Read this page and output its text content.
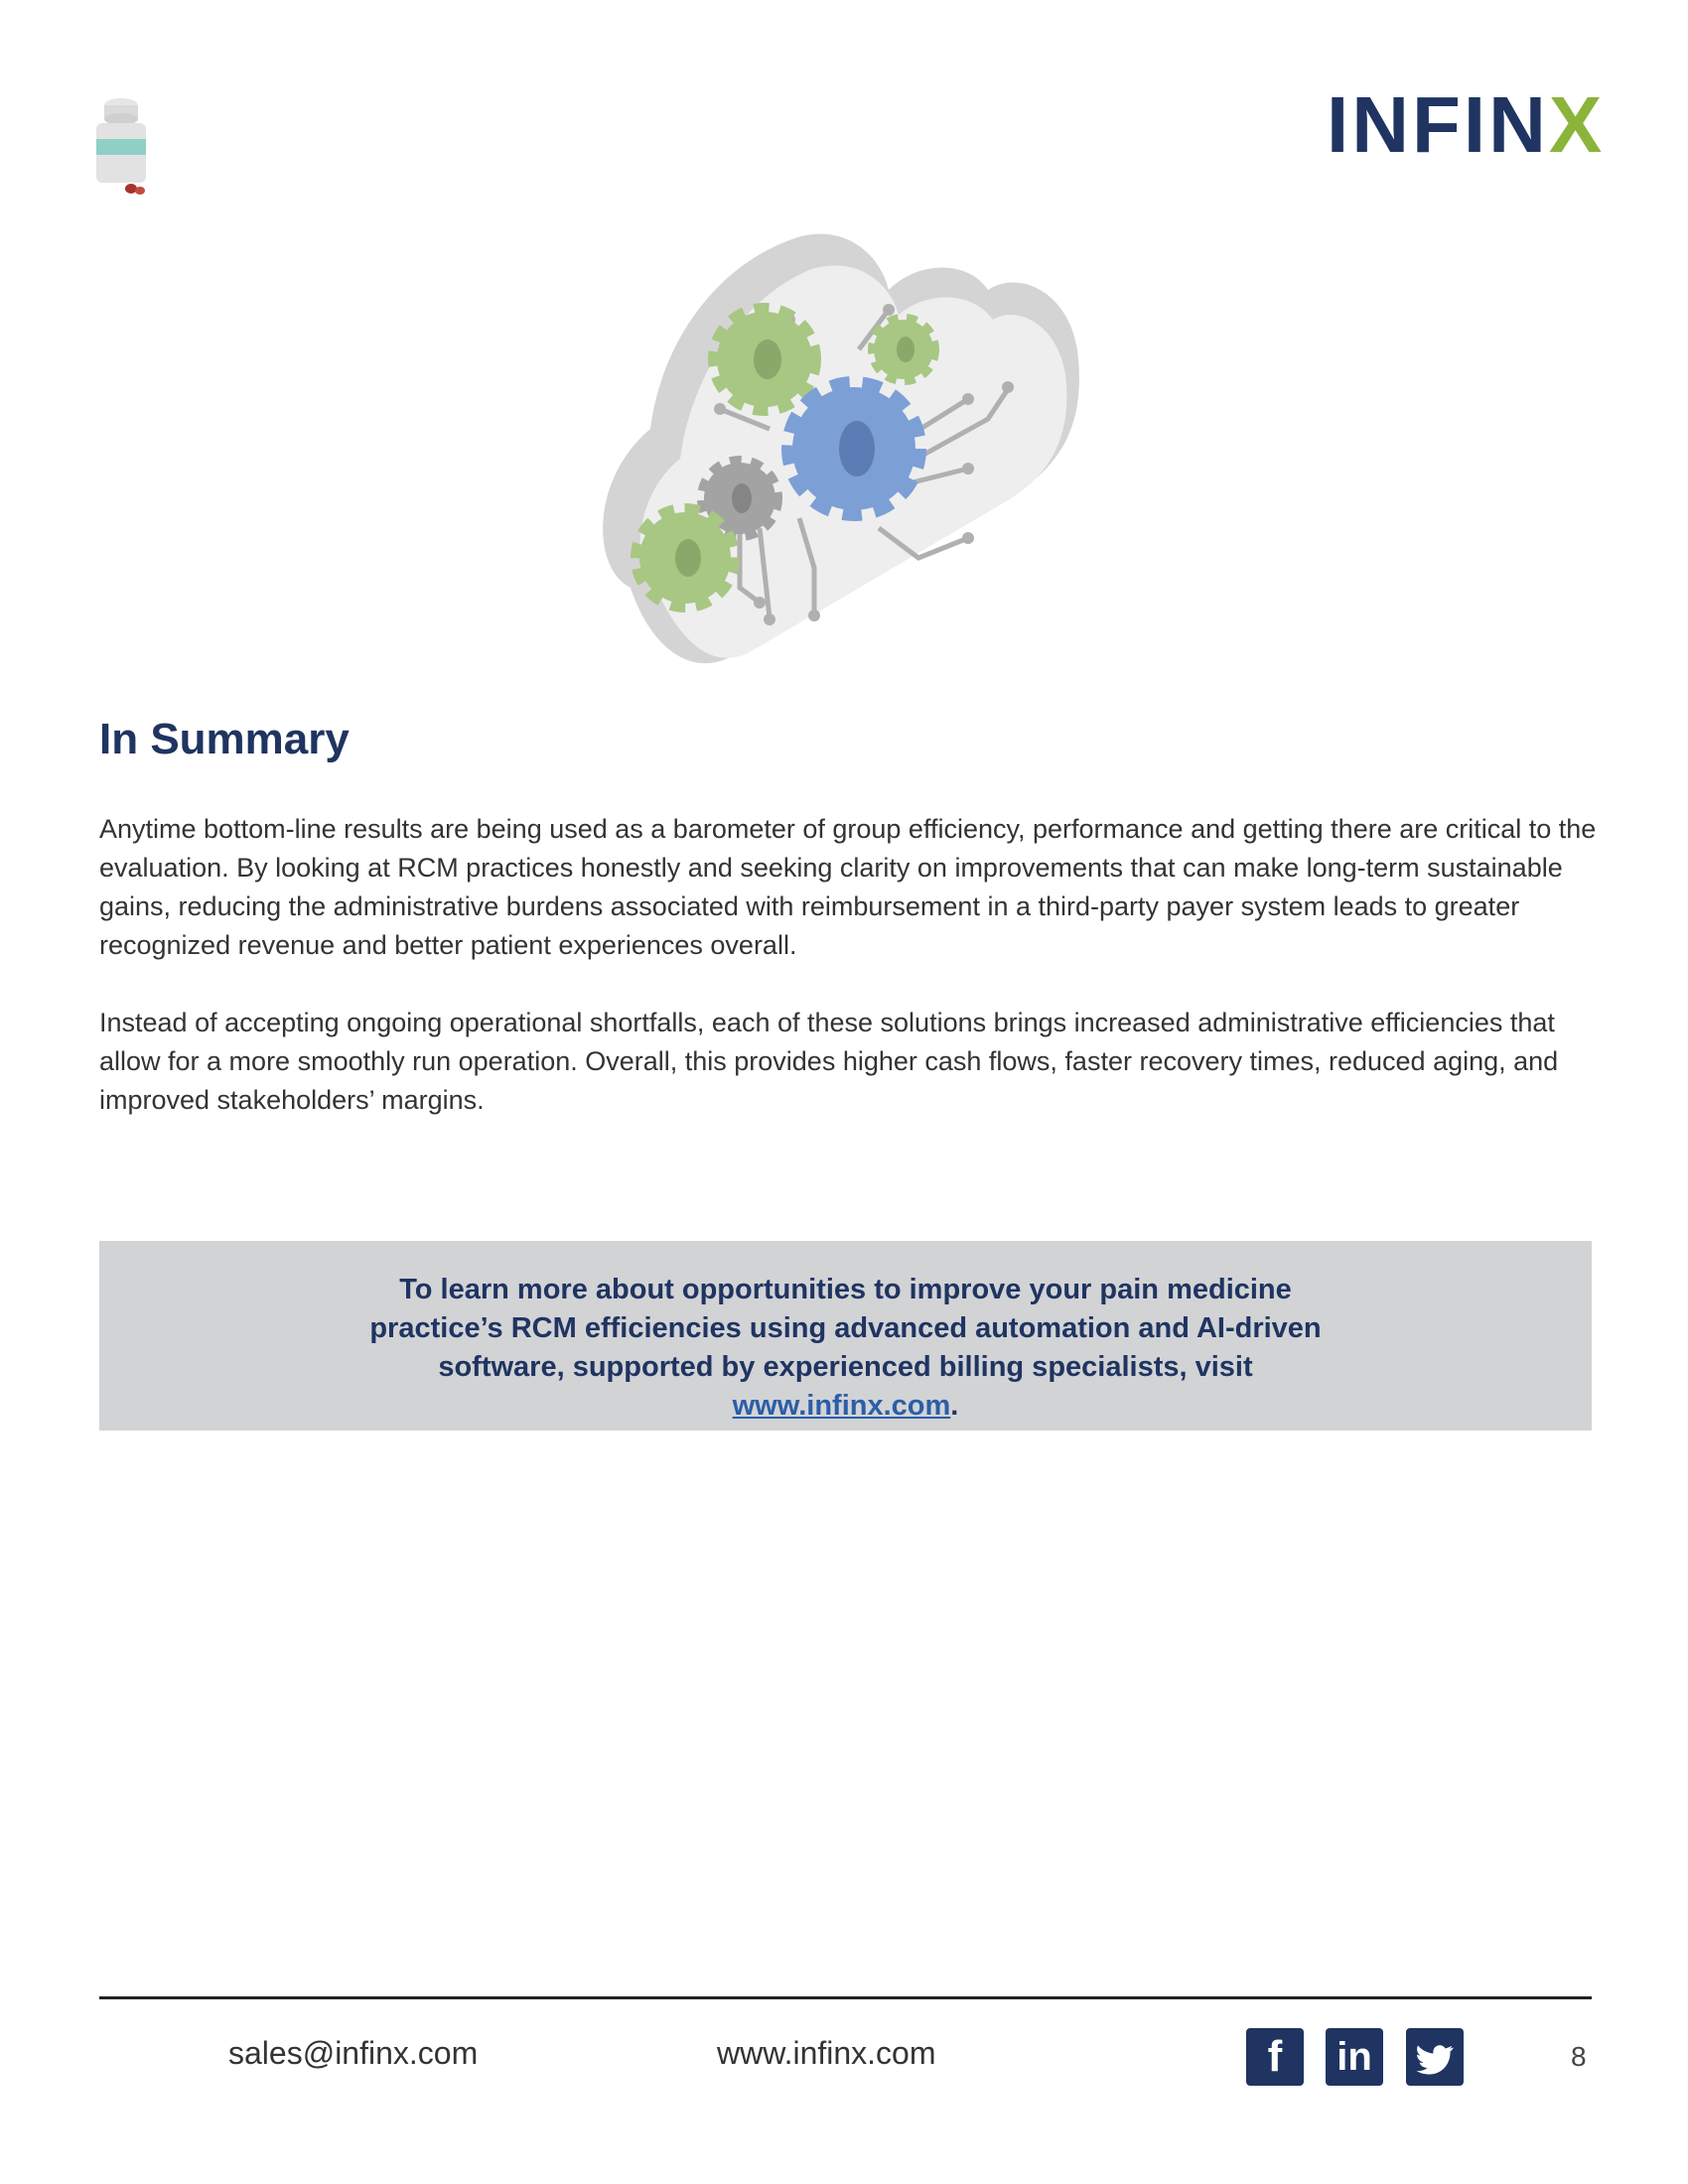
INFINX
In Summary

Anytime bottom-line results are being used as a barometer of group efficiency, performance and getting there are critical to the evaluation. By looking at RCM practices honestly and seeking clarity on improvements that can make long-term sustainable gains, reducing the administrative burdens associated with reimbursement in a third-party payer system leads to greater recognized revenue and better patient experiences overall.

Instead of accepting ongoing operational shortfalls, each of these solutions brings increased administrative efficiencies that allow for a more smoothly run operation. Overall, this provides higher cash flows, faster recovery times, reduced aging, and improved stakeholders’ margins.

To learn more about opportunities to improve your pain medicine practice’s RCM efficiencies using advanced automation and AI-driven software, supported by experienced billing specialists, visit www.infinx.com.
sales@infinx.com	www.infinx.com	f	in	8
